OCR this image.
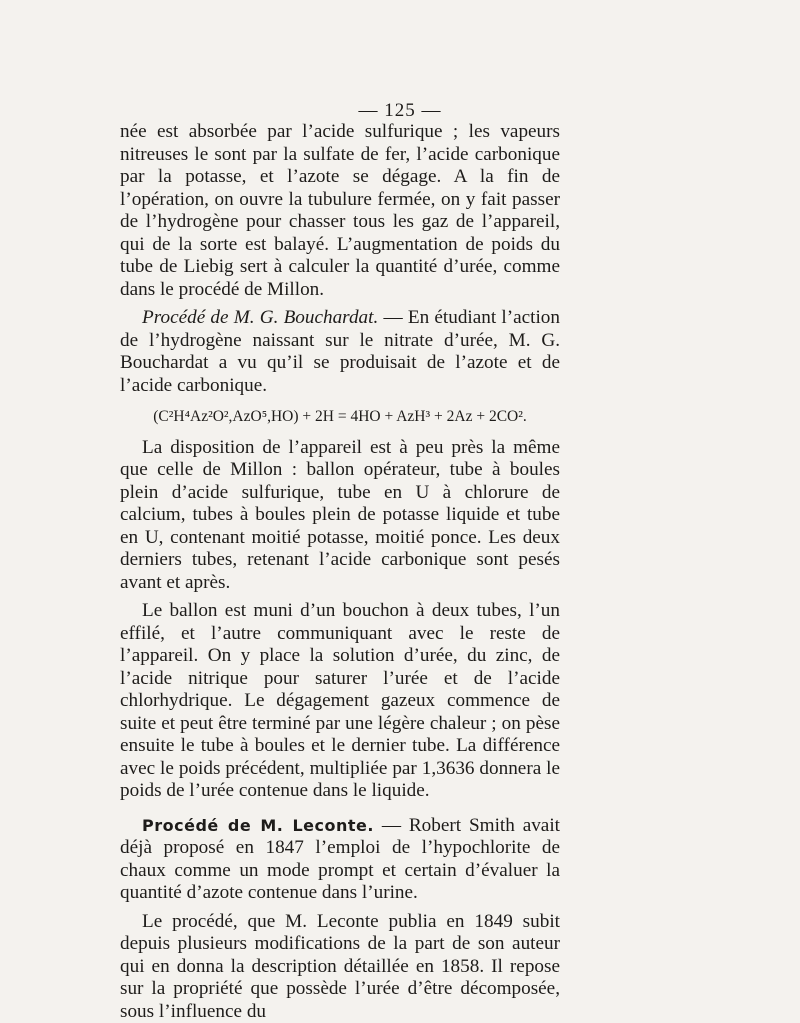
— 125 —

née est absorbée par l’acide sulfurique ; les vapeurs nitreuses le sont par la sulfate de fer, l’acide carbonique par la potasse, et l’azote se dégage. A la fin de l’opération, on ouvre la tubulure fermée, on y fait passer de l’hydrogène pour chasser tous les gaz de l’appareil, qui de la sorte est balayé. L’augmentation de poids du tube de Liebig sert à calculer la quantité d’urée, comme dans le procédé de Millon.

Procédé de M. G. Bouchardat. — En étudiant l’action de l’hydrogène naissant sur le nitrate d’urée, M. G. Bouchardat a vu qu’il se produisait de l’azote et de l’acide carbonique.

(C²H⁴Az²O²,AzO⁵,HO) + 2H = 4HO + AzH³ + 2Az + 2CO².

La disposition de l’appareil est à peu près la même que celle de Millon : ballon opérateur, tube à boules plein d’acide sulfurique, tube en U à chlorure de calcium, tubes à boules plein de potasse liquide et tube en U, contenant moitié potasse, moitié ponce. Les deux derniers tubes, retenant l’acide carbonique sont pesés avant et après.

Le ballon est muni d’un bouchon à deux tubes, l’un effilé, et l’autre communiquant avec le reste de l’appareil. On y place la solution d’urée, du zinc, de l’acide nitrique pour saturer l’urée et de l’acide chlorhydrique. Le dégagement gazeux commence de suite et peut être terminé par une légère chaleur ; on pèse ensuite le tube à boules et le dernier tube. La différence avec le poids précédent, multipliée par 1,3636 donnera le poids de l’urée contenue dans le liquide.

Procédé de M. Leconte. — Robert Smith avait déjà proposé en 1847 l’emploi de l’hypochlorite de chaux comme un mode prompt et certain d’évaluer la quantité d’azote contenue dans l’urine.

Le procédé, que M. Leconte publia en 1849 subit depuis plusieurs modifications de la part de son auteur qui en donna la description détaillée en 1858. Il repose sur la propriété que possède l’urée d’être décomposée, sous l’influence du
